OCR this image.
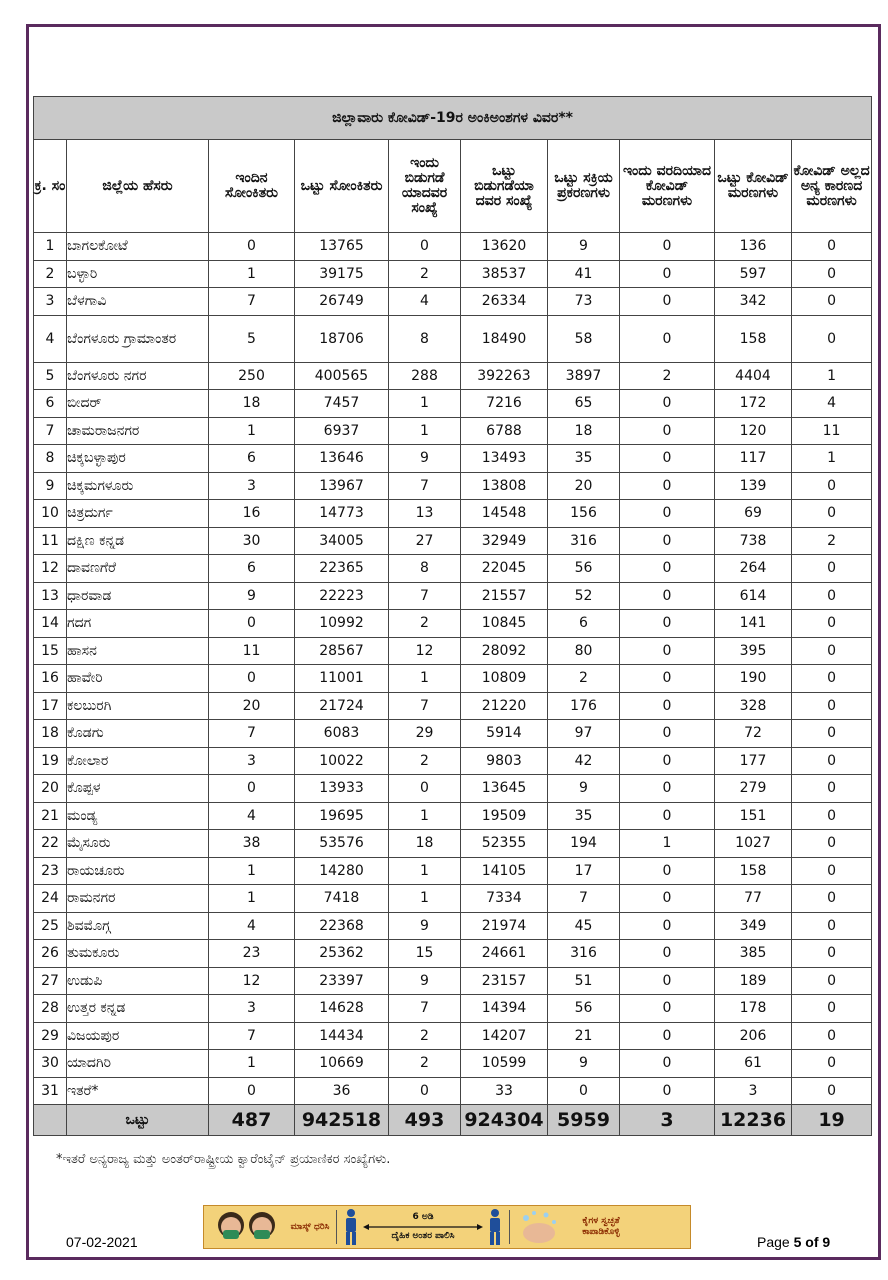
ಜಿಲ್ಲಾವಾರು ಕೋವಿಡ್-19ರ ಅಂಕಿಅಂಶಗಳ ವಿವರ**									
ಕ್ರ. ಸಂ	ಜಿಲ್ಲೆಯ ಹೆಸರು	ಇಂದಿನ ಸೋಂಕಿತರು	ಒಟ್ಟು ಸೋಂಕಿತರು	ಇಂದು ಬಿಡುಗಡೆ ಯಾದವರ ಸಂಖ್ಯೆ	ಒಟ್ಟು ಬಿಡುಗಡೆಯಾ ದವರ ಸಂಖ್ಯೆ	ಒಟ್ಟು ಸಕ್ರಿಯ ಪ್ರಕರಣಗಳು	ಇಂದು ವರದಿಯಾದ ಕೋವಿಡ್ ಮರಣಗಳು	ಒಟ್ಟು ಕೋವಿಡ್ ಮರಣಗಳು	ಕೋವಿಡ್ ಅಲ್ಲದ ಅನ್ಯ ಕಾರಣದ ಮರಣಗಳು
1	ಬಾಗಲಕೋಟೆ	0	13765	0	13620	9	0	136	0
2	ಬಳ್ಳಾರಿ	1	39175	2	38537	41	0	597	0
3	ಬೆಳಗಾವಿ	7	26749	4	26334	73	0	342	0
4	ಬೆಂಗಳೂರು ಗ್ರಾಮಾಂತರ	5	18706	8	18490	58	0	158	0
5	ಬೆಂಗಳೂರು ನಗರ	250	400565	288	392263	3897	2	4404	1
6	ಬೀದರ್	18	7457	1	7216	65	0	172	4
7	ಚಾಮರಾಜನಗರ	1	6937	1	6788	18	0	120	11
8	ಚಿಕ್ಕಬಳ್ಳಾಪುರ	6	13646	9	13493	35	0	117	1
9	ಚಿಕ್ಕಮಗಳೂರು	3	13967	7	13808	20	0	139	0
10	ಚಿತ್ರದುರ್ಗ	16	14773	13	14548	156	0	69	0
11	ದಕ್ಷಿಣ ಕನ್ನಡ	30	34005	27	32949	316	0	738	2
12	ದಾವಣಗೆರೆ	6	22365	8	22045	56	0	264	0
13	ಧಾರವಾಡ	9	22223	7	21557	52	0	614	0
14	ಗದಗ	0	10992	2	10845	6	0	141	0
15	ಹಾಸನ	11	28567	12	28092	80	0	395	0
16	ಹಾವೇರಿ	0	11001	1	10809	2	0	190	0
17	ಕಲಬುರಗಿ	20	21724	7	21220	176	0	328	0
18	ಕೊಡಗು	7	6083	29	5914	97	0	72	0
19	ಕೋಲಾರ	3	10022	2	9803	42	0	177	0
20	ಕೊಪ್ಪಳ	0	13933	0	13645	9	0	279	0
21	ಮಂಡ್ಯ	4	19695	1	19509	35	0	151	0
22	ಮೈಸೂರು	38	53576	18	52355	194	1	1027	0
23	ರಾಯಚೂರು	1	14280	1	14105	17	0	158	0
24	ರಾಮನಗರ	1	7418	1	7334	7	0	77	0
25	ಶಿವಮೊಗ್ಗ	4	22368	9	21974	45	0	349	0
26	ತುಮಕೂರು	23	25362	15	24661	316	0	385	0
27	ಉಡುಪಿ	12	23397	9	23157	51	0	189	0
28	ಉತ್ತರ ಕನ್ನಡ	3	14628	7	14394	56	0	178	0
29	ವಿಜಯಪುರ	7	14434	2	14207	21	0	206	0
30	ಯಾದಗಿರಿ	1	10669	2	10599	9	0	61	0
31	ಇತರೆ*	0	36	0	33	0	0	3	0
	ಒಟ್ಟು	487	942518	493	924304	5959	3	12236	19
*ಇತರೆ ಅನ್ಯರಾಜ್ಯ ಮತ್ತು ಅಂತರ್‌ರಾಷ್ಟ್ರೀಯ ಕ್ವಾರೆಂಟೈನ್ ಪ್ರಯಾಣಿಕರ ಸಂಖ್ಯೆಗಳು.
ಮಾಸ್ಕ್ ಧರಿಸಿ
6 ಅಡಿ
ದೈಹಿಕ ಅಂತರ ಪಾಲಿಸಿ
ಕೈಗಳ ಸ್ವಚ್ಛತೆ ಕಾಪಾಡಿಕೊಳ್ಳಿ
07-02-2021	Page 5 of 9
